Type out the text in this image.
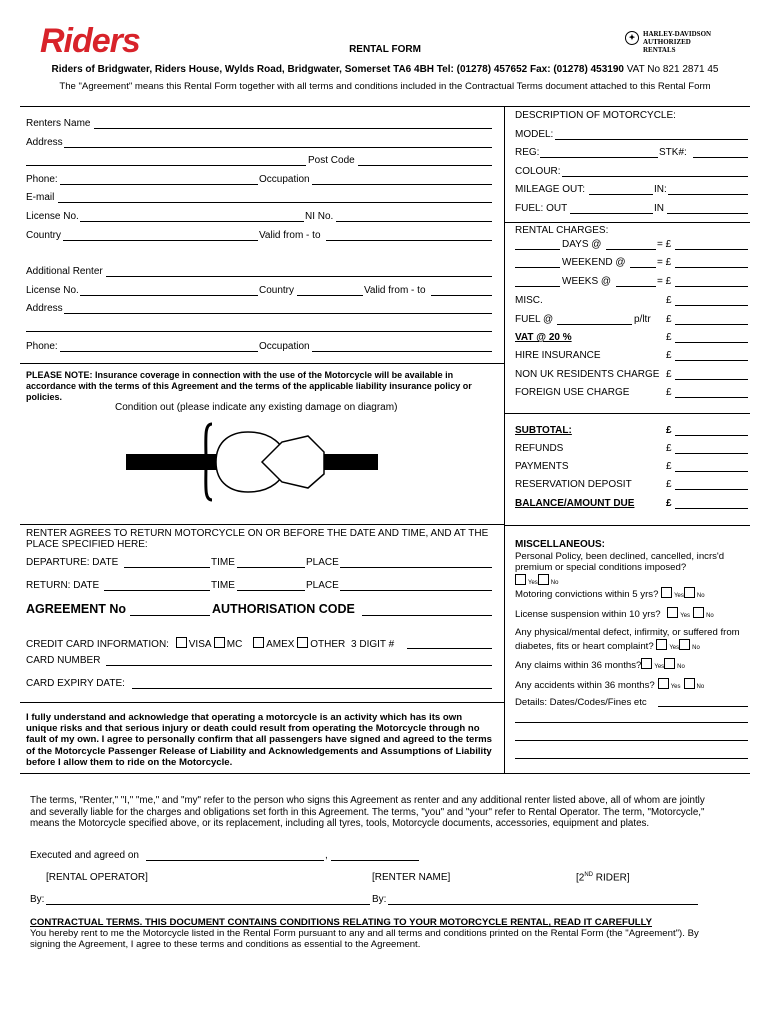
Riders	✦	HARLEY-DAVIDSON
AUTHORIZED RENTALS
RENTAL FORM
Riders of Bridgwater, Riders House, Wylds Road, Bridgwater, Somerset TA6 4BH Tel: (01278) 457652 Fax: (01278) 453190 VAT No 821 2871 45
The "Agreement" means this Rental Form together with all terms and conditions included in the Contractual Terms document attached to this Rental Form
Renters Name
Address
Post Code
Phone:	Occupation
E-mail
License No.	NI No.
Country	Valid from - to
Additional Renter
License No.	Country	Valid from - to
Address
Phone:	Occupation
PLEASE NOTE: Insurance coverage in connection with the use of the Motorcycle will be available in accordance with the terms of this Agreement and the terms of the applicable liability insurance policy or policies.
Condition out (please indicate any existing damage on diagram)
RENTER AGREES TO RETURN MOTORCYCLE ON OR BEFORE THE DATE AND TIME, AND AT THE PLACE SPECIFIED HERE:
DEPARTURE: DATE	TIME	PLACE
RETURN: DATE	TIME	PLACE
AGREEMENT No	AUTHORISATION CODE
CREDIT CARD INFORMATION: VISA MC AMEX OTHER 3 DIGIT #
CARD NUMBER
CARD EXPIRY DATE:
I fully understand and acknowledge that operating a motorcycle is an activity which has its own unique risks and that serious injury or death could result from operating the Motorcycle through no fault of my own. I agree to personally confirm that all passengers have signed and agreed to the terms of the Motorcycle Passenger Release of Liability and Acknowledgements and Assumptions of Liability before I allow them to ride on the Motorcycle.
DESCRIPTION OF MOTORCYCLE:
MODEL:
REG:	STK#:
COLOUR:
MILEAGE OUT:	IN:
FUEL: OUT	IN
RENTAL CHARGES:
DAYS @	= £
WEEKEND @	= £
WEEKS @	= £
MISC.	£
FUEL @	p/ltr £
VAT @ 20 %	£
HIRE INSURANCE	£
NON UK RESIDENTS CHARGE £
FOREIGN USE CHARGE	£
SUBTOTAL:	£
REFUNDS	£
PAYMENTS	£
RESERVATION DEPOSIT	£
BALANCE/AMOUNT DUE	£
MISCELLANEOUS:
Personal Policy, been declined, cancelled, incrs'd premium or special conditions imposed?
Yes No
Motoring convictions within 5 yrs?	Yes No
License suspension within 10 yrs?	Yes	No
Any physical/mental defect, infirmity, or suffered from diabetes, fits or heart complaint?	Yes No
Any claims within 36 months? Yes No
Any accidents within 36 months?	Yes	No
Details: Dates/Codes/Fines etc
The terms, "Renter," "I," "me," and "my" refer to the person who signs this Agreement as renter and any additional renter listed above, all of whom are jointly and severally liable for the charges and obligations set forth in this Agreement. The terms, "you" and "your" refer to Rental Operator. The term, "Motorcycle," means the Motorcycle specified above, or its replacement, including all tyres, tools, Motorcycle documents, accessories, equipment and plates.
Executed and agreed on	,
[RENTAL OPERATOR]	[RENTER NAME]	[2ND RIDER]
By:	By:
CONTRACTUAL TERMS. THIS DOCUMENT CONTAINS CONDITIONS RELATING TO YOUR MOTORCYCLE RENTAL, READ IT CAREFULLY
You hereby rent to me the Motorcycle listed in the Rental Form pursuant to any and all terms and conditions printed on the Rental Form (the "Agreement"). By signing the Agreement, I agree to these terms and conditions as essential to the Agreement.
